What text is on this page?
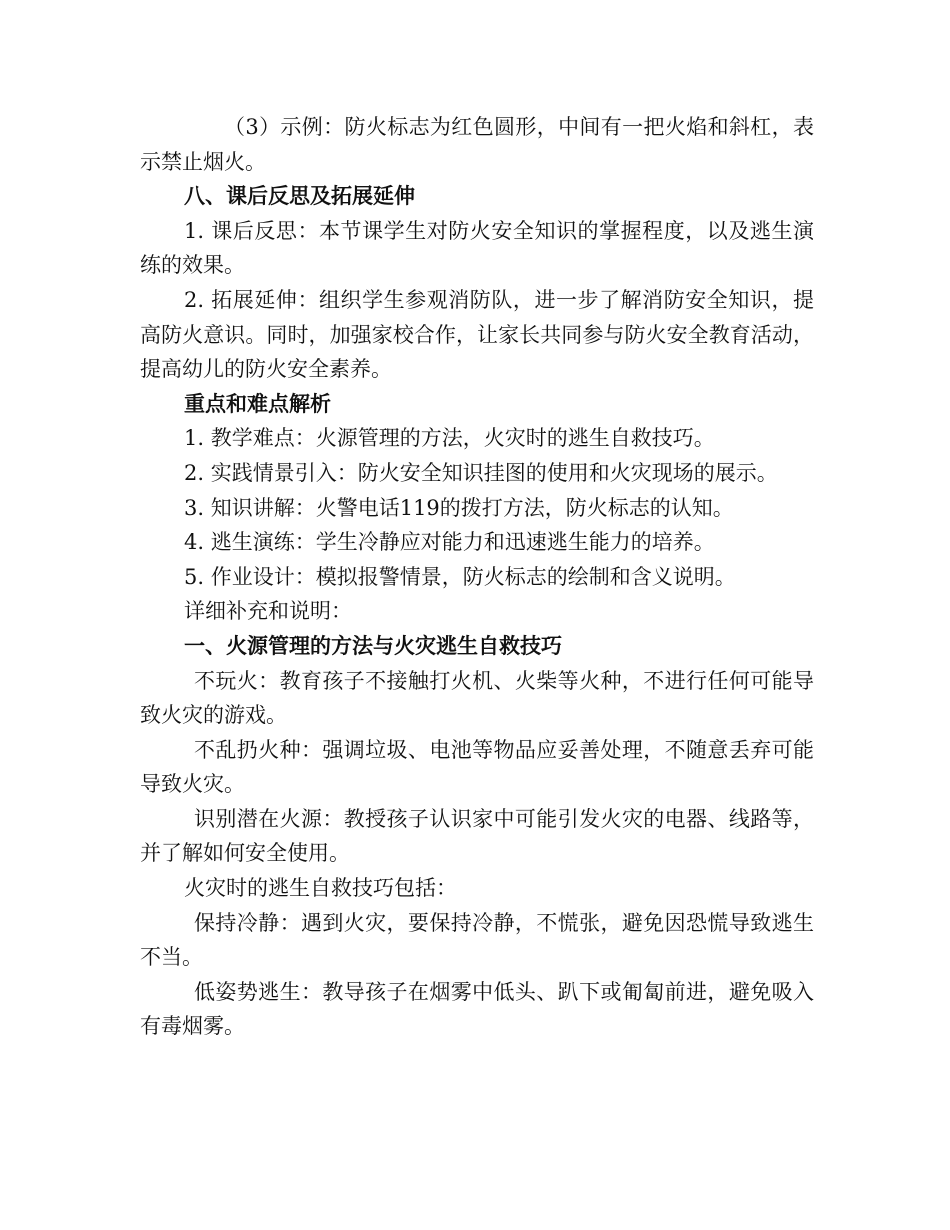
（3）示例：防火标志为红色圆形，中间有一把火焰和斜杠，表示禁止烟火。

八、课后反思及拓展延伸

1. 课后反思：本节课学生对防火安全知识的掌握程度，以及逃生演练的效果。

2. 拓展延伸：组织学生参观消防队，进一步了解消防安全知识，提高防火意识。同时，加强家校合作，让家长共同参与防火安全教育活动，提高幼儿的防火安全素养。

重点和难点解析

1. 教学难点：火源管理的方法，火灾时的逃生自救技巧。

2. 实践情景引入：防火安全知识挂图的使用和火灾现场的展示。

3. 知识讲解：火警电话119的拨打方法，防火标志的认知。

4. 逃生演练：学生冷静应对能力和迅速逃生能力的培养。

5. 作业设计：模拟报警情景，防火标志的绘制和含义说明。

详细补充和说明：

一、火源管理的方法与火灾逃生自救技巧

不玩火：教育孩子不接触打火机、火柴等火种，不进行任何可能导致火灾的游戏。

不乱扔火种：强调垃圾、电池等物品应妥善处理，不随意丢弃可能导致火灾。

识别潜在火源：教授孩子认识家中可能引发火灾的电器、线路等，并了解如何安全使用。

火灾时的逃生自救技巧包括：

保持冷静：遇到火灾，要保持冷静，不慌张，避免因恐慌导致逃生不当。

低姿势逃生：教导孩子在烟雾中低头、趴下或匍匐前进，避免吸入有毒烟雾。
